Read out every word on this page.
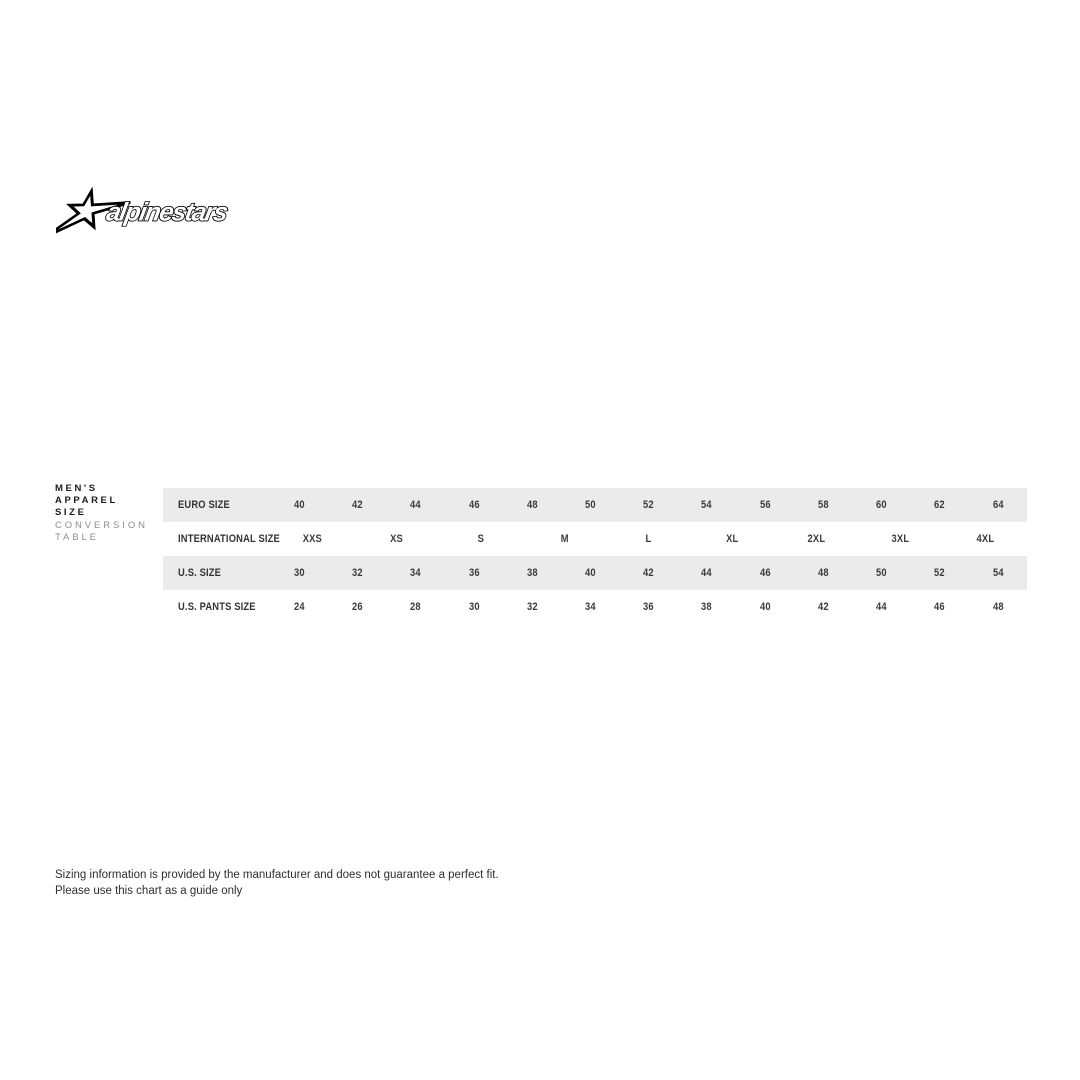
alpinestars
MEN'S
APPAREL
SIZE
CONVERSION
TABLE
EURO SIZE	40	42	44	46	48	50	52	54	56	58	60	62	64
INTERNATIONAL SIZE XXS	XS	S	M	L	XL	2XL	3XL	4XL
U.S. SIZE	30	32	34	36	38	40	42	44	46	48	50	52	54
U.S. PANTS SIZE	24	26	28	30	32	34	36	38	40	42	44	46	48
Sizing information is provided by the manufacturer and does not guarantee a perfect fit.
Please use this chart as a guide only
